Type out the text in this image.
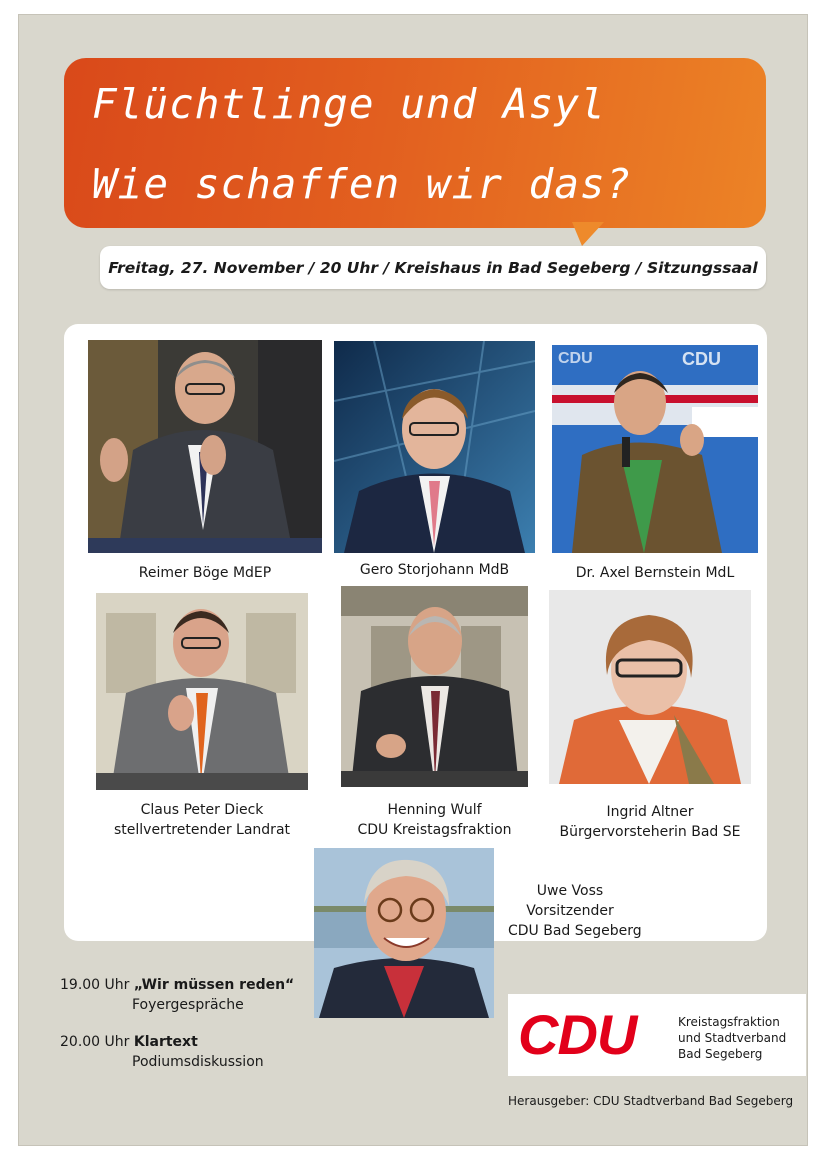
Flüchtlinge und Asyl
Wie schaffen wir das?
Freitag, 27. November / 20 Uhr / Kreishaus in Bad Segeberg / Sitzungssaal
CDU	CDU
Reimer Böge MdEP	Gero Storjohann MdB	Dr. Axel Bernstein MdL
Claus Peter Dieck
stellvertretender Landrat
Henning Wulf
CDU Kreistagsfraktion
Ingrid Altner
Bürgervorsteherin Bad SE
Uwe Voss
Vorsitzender
CDU Bad Segeberg
19.00 Uhr „Wir müssen reden“
Foyergespräche
20.00 Uhr Klartext
Podiumsdiskussion	CDU	Kreistagsfraktion
und Stadtverband
Bad Segeberg
Herausgeber: CDU Stadtverband Bad Segeberg
